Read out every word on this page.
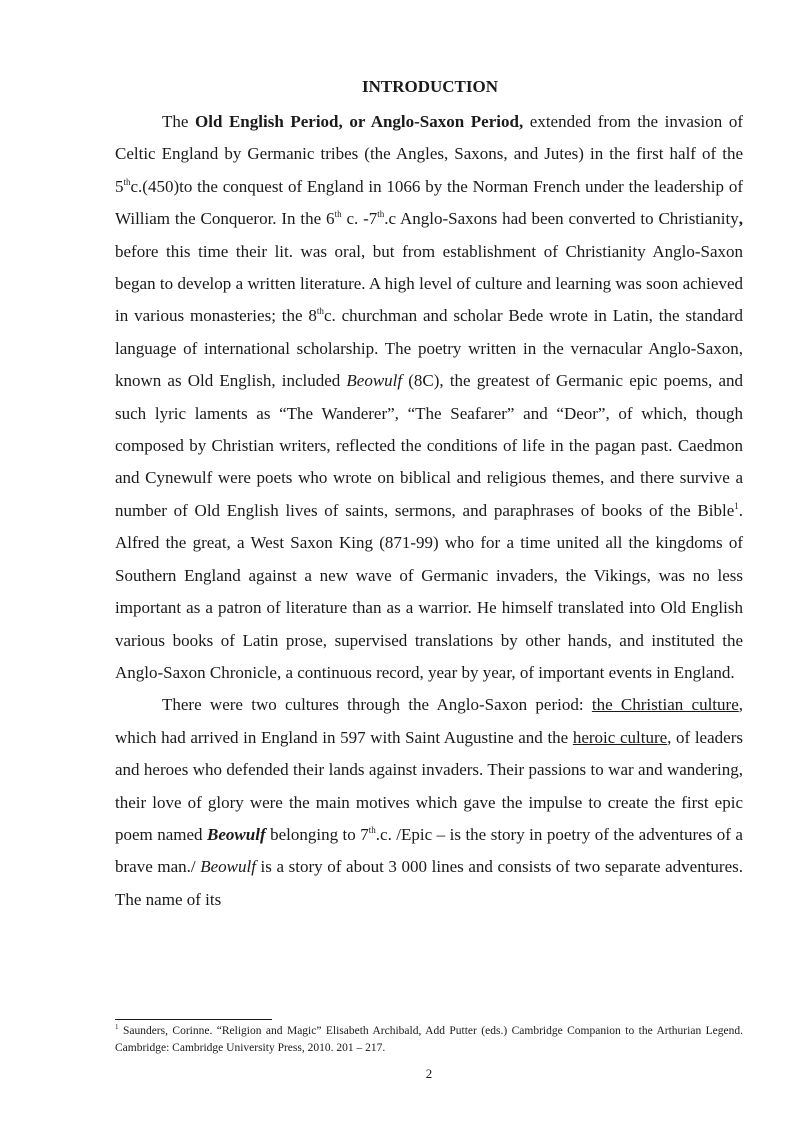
INTRODUCTION

The Old English Period, or Anglo-Saxon Period, extended from the invasion of Celtic England by Germanic tribes (the Angles, Saxons, and Jutes) in the first half of the 5thc.(450)to the conquest of England in 1066 by the Norman French under the leadership of William the Conqueror. In the 6th c. -7th.c Anglo-Saxons had been converted to Christianity, before this time their lit. was oral, but from establishment of Christianity Anglo-Saxon began to develop a written literature. A high level of culture and learning was soon achieved in various monasteries; the 8thc. churchman and scholar Bede wrote in Latin, the standard language of international scholarship. The poetry written in the vernacular Anglo-Saxon, known as Old English, included Beowulf (8C), the greatest of Germanic epic poems, and such lyric laments as “The Wanderer”, “The Seafarer” and “Deor”, of which, though composed by Christian writers, reflected the conditions of life in the pagan past. Caedmon and Cynewulf were poets who wrote on biblical and religious themes, and there survive a number of Old English lives of saints, sermons, and paraphrases of books of the Bible$^1$. Alfred the great, a West Saxon King (871-99) who for a time united all the kingdoms of Southern England against a new wave of Germanic invaders, the Vikings, was no less important as a patron of literature than as a warrior. He himself translated into Old English various books of Latin prose, supervised translations by other hands, and instituted the Anglo-Saxon Chronicle, a continuous record, year by year, of important events in England.

There were two cultures through the Anglo-Saxon period: the Christian culture, which had arrived in England in 597 with Saint Augustine and the heroic culture, of leaders and heroes who defended their lands against invaders. Their passions to war and wandering, their love of glory were the main motives which gave the impulse to create the first epic poem named Beowulf belonging to 7th.c. /Epic – is the story in poetry of the adventures of a brave man./ Beowulf is a story of about 3 000 lines and consists of two separate adventures. The name of its

$^1$ Saunders, Corinne. “Religion and Magic” Elisabeth Archibald, Add Putter (eds.) Cambridge Companion to the Arthurian Legend. Cambridge: Cambridge University Press, 2010. 201 – 217.

2
